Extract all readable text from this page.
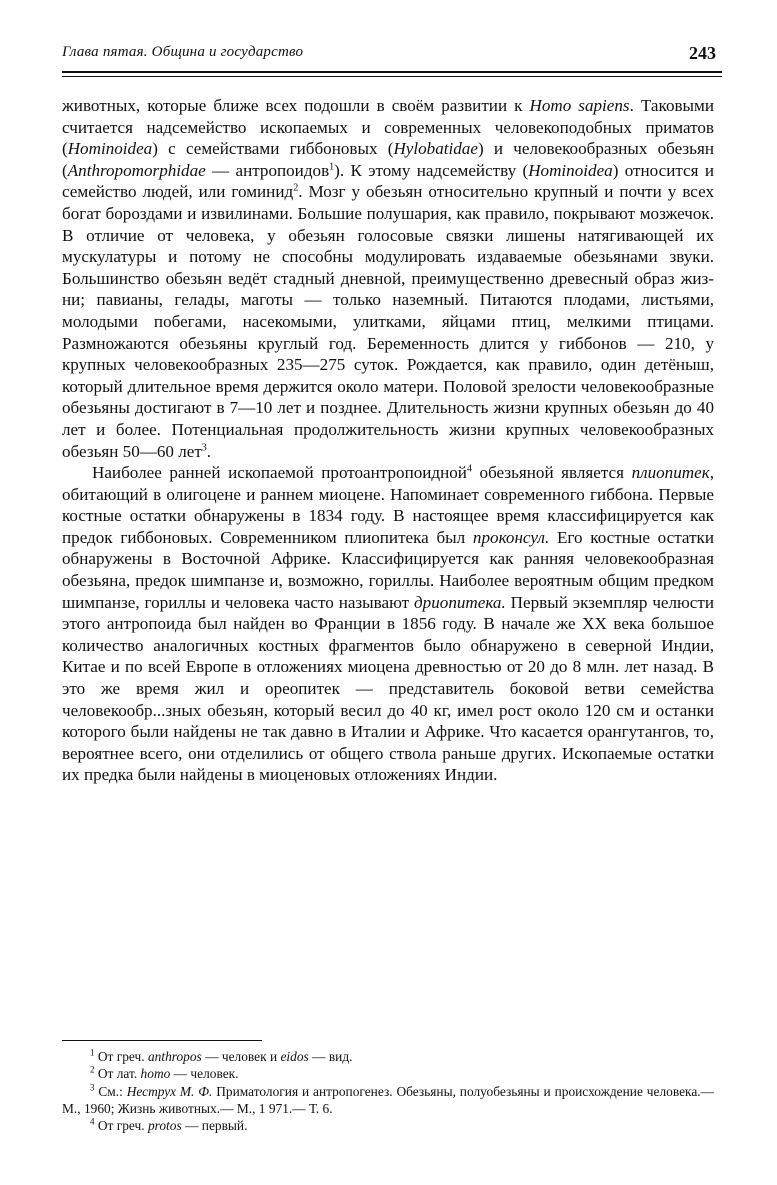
Глава пятая. Община и государство	243

животных, которые ближе всех подошли в своём развитии к Homo sapiens. Таковыми считается надсемейство ископаемых и современных человекоподобных приматов (Hominoidea) с семействами гиббоновых (Hylobatidae) и человекообразных обезьян (Anthropomorphidae — антропоидов$^1$). К этому надсемейству (Hominoidea) относится и семейство людей, или гоминид$^2$. Мозг у обезьян относительно крупный и почти у всех богат бороздами и извилинами. Большие полушария, как правило, покрывают мозжечок. В отличие от человека, у обезьян голосовые связки лишены натягивающей их мускулатуры и потому не способны модулировать издаваемые обезьянами звуки. Большинство обезьян ведёт стадный дневной, преимущественно древесный образ жизни; павианы, гелады, маготы — только наземный. Питаются плодами, листьями, молодыми побегами, насекомыми, улитками, яйцами птиц, мелкими птицами. Размножаются обезьяны круглый год. Беременность длится у гиббонов — 210, у крупных человекообразных 235—275 суток. Рождается, как правило, один детёныш, который длительное время держится около матери. Половой зрелости человекообразные обезьяны достигают в 7—10 лет и позднее. Длительность жизни крупных обезьян до 40 лет и более. Потенциальная продолжительность жизни крупных человекообразных обезьян 50—60 лет$^3$.

Наиболее ранней ископаемой протоантропоидной$^4$ обезьяной является плиопитек, обитающий в олигоцене и раннем миоцене. Напоминает современного гиббона. Первые костные остатки обнаружены в 1834 году. В настоящее время классифицируется как предок гиббоновых. Современником плиопитека был проконсул. Его костные остатки обнаружены в Восточной Африке. Классифицируется как ранняя человекообразная обезьяна, предок шимпанзе и, возможно, гориллы. Наиболее вероятным общим предком шимпанзе, гориллы и человека часто называют дриопитека. Первый экземпляр челюсти этого антропоида был найден во Франции в 1856 году. В начале же XX века большое количество аналогичных костных фрагментов было обнаружено в северной Индии, Китае и по всей Европе в отложениях миоцена древностью от 20 до 8 млн. лет назад. В это же время жил и ореопитек — представитель боковой ветви семейства человекообр...зных обезьян, который весил до 40 кг, имел рост около 120 см и останки которого были найдены не так давно в Италии и Африке. Что касается орангутангов, то, вероятнее всего, они отделились от общего ствола раньше других. Ископаемые остатки их предка были найдены в миоценовых отложениях Индии.

$^1$ От греч. anthropos — человек и eidos — вид.

$^2$ От лат. homo — человек.

$^3$ См.: Неструх М. Ф. Приматология и антропогенез. Обезьяны, полуобезьяны и происхождение человека.— М., 1960; Жизнь животных.— М., 1 971.— Т. 6.

$^4$ От греч. protos — первый.
